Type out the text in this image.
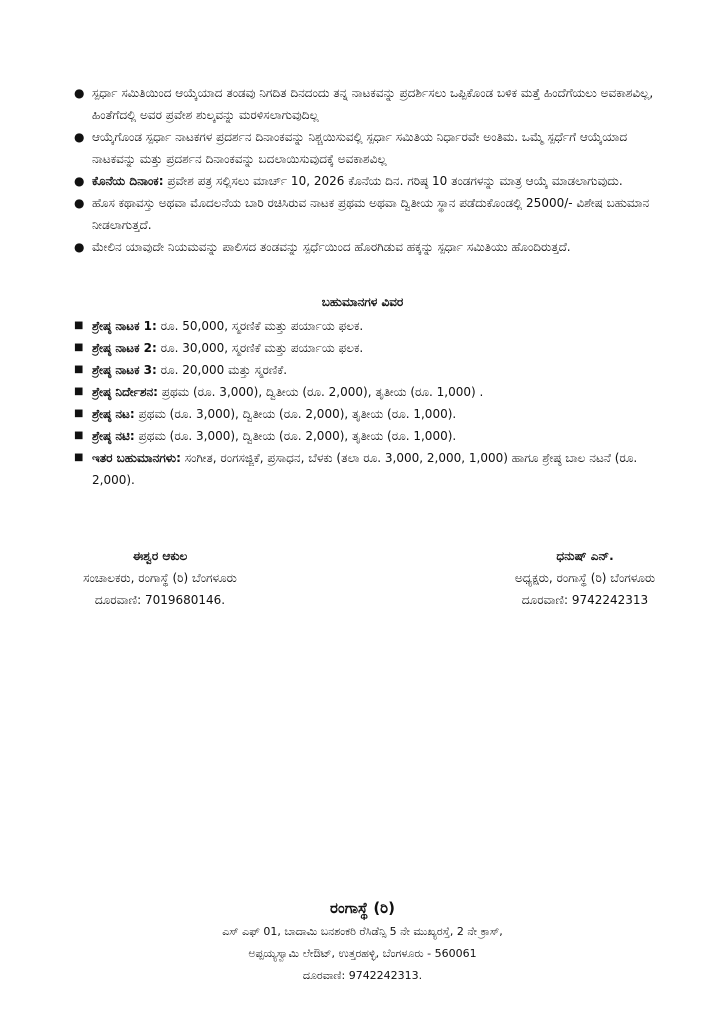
● ಸ್ಪರ್ಧಾ ಸಮಿತಿಯಿಂದ ಆಯ್ಕೆಯಾದ ತಂಡವು ನಿಗದಿತ ದಿನದಂದು ತನ್ನ ನಾಟಕವನ್ನು ಪ್ರದರ್ಶಿಸಲು ಒಪ್ಪಿಕೊಂಡ ಬಳಿಕ ಮತ್ತೆ ಹಿಂದೆಗೆಯಲು ಅವಕಾಶವಿಲ್ಲ, ಹಿಂತೆಗೆದಲ್ಲಿ ಅವರ ಪ್ರವೇಶ ಶುಲ್ಕವನ್ನು ಮರಳಿಸಲಾಗುವುದಿಲ್ಲ
● ಆಯ್ಕೆಗೊಂಡ ಸ್ಪರ್ಧಾ ನಾಟಕಗಳ ಪ್ರದರ್ಶನ ದಿನಾಂಕವನ್ನು ನಿಶ್ಚಯಿಸುವಲ್ಲಿ ಸ್ಪರ್ಧಾ ಸಮಿತಿಯ ನಿರ್ಧಾರವೇ ಅಂತಿಮ. ಒಮ್ಮೆ ಸ್ಪರ್ಧೆಗೆ ಆಯ್ಕೆಯಾದ ನಾಟಕವನ್ನು ಮತ್ತು ಪ್ರದರ್ಶನ ದಿನಾಂಕವನ್ನು ಬದಲಾಯಿಸುವುದಕ್ಕೆ ಅವಕಾಶವಿಲ್ಲ
● ಕೊನೆಯ ದಿನಾಂಕ: ಪ್ರವೇಶ ಪತ್ರ ಸಲ್ಲಿಸಲು ಮಾರ್ಚ್ 10, 2026 ಕೊನೆಯ ದಿನ. ಗರಿಷ್ಠ 10 ತಂಡಗಳನ್ನು ಮಾತ್ರ ಆಯ್ಕೆ ಮಾಡಲಾಗುವುದು.
● ಹೊಸ ಕಥಾವಸ್ತು ಅಥವಾ ಮೊದಲನೆಯ ಬಾರಿ ರಚಿಸಿರುವ ನಾಟಕ ಪ್ರಥಮ ಅಥವಾ ದ್ವಿತೀಯ ಸ್ಥಾನ ಪಡೆದುಕೊಂಡಲ್ಲಿ 25000/- ವಿಶೇಷ ಬಹುಮಾನ ನೀಡಲಾಗುತ್ತದೆ.
● ಮೇಲಿನ ಯಾವುದೇ ನಿಯಮವನ್ನು ಪಾಲಿಸದ ತಂಡವನ್ನು ಸ್ಪರ್ಧೆಯಿಂದ ಹೊರಗಿಡುವ ಹಕ್ಕನ್ನು ಸ್ಪರ್ಧಾ ಸಮಿತಿಯು ಹೊಂದಿರುತ್ತದೆ.
ಬಹುಮಾನಗಳ ವಿವರ
■ ಶ್ರೇಷ್ಠ ನಾಟಕ 1: ರೂ. 50,000, ಸ್ಮರಣಿಕೆ ಮತ್ತು ಪರ್ಯಾಯ ಫಲಕ.
■ ಶ್ರೇಷ್ಠ ನಾಟಕ 2: ರೂ. 30,000, ಸ್ಮರಣಿಕೆ ಮತ್ತು ಪರ್ಯಾಯ ಫಲಕ.
■ ಶ್ರೇಷ್ಠ ನಾಟಕ 3: ರೂ. 20,000 ಮತ್ತು ಸ್ಮರಣಿಕೆ.
■ ಶ್ರೇಷ್ಠ ನಿರ್ದೇಶನ: ಪ್ರಥಮ (ರೂ. 3,000), ದ್ವಿತೀಯ (ರೂ. 2,000), ತೃತೀಯ (ರೂ. 1,000) .
■ ಶ್ರೇಷ್ಠ ನಟ: ಪ್ರಥಮ (ರೂ. 3,000), ದ್ವಿತೀಯ (ರೂ. 2,000), ತೃತೀಯ (ರೂ. 1,000).
■ ಶ್ರೇಷ್ಠ ನಟಿ: ಪ್ರಥಮ (ರೂ. 3,000), ದ್ವಿತೀಯ (ರೂ. 2,000), ತೃತೀಯ (ರೂ. 1,000).
■ ಇತರ ಬಹುಮಾನಗಳು: ಸಂಗೀತ, ರಂಗಸಜ್ಜಿಕೆ, ಪ್ರಸಾಧನ, ಬೆಳಕು (ತಲಾ ರೂ. 3,000, 2,000, 1,000) ಹಾಗೂ ಶ್ರೇಷ್ಠ ಬಾಲ ನಟನೆ (ರೂ. 2,000).
ಈಶ್ವರ ಆಕುಲ
ಸಂಚಾಲಕರು, ರಂಗಾಸ್ಥೆ (ರಿ) ಬೆಂಗಳೂರು
ದೂರವಾಣಿ: 7019680146.
ಧನುಷ್ ಎನ್.
ಅಧ್ಯಕ್ಷರು, ರಂಗಾಸ್ಥೆ (ರಿ) ಬೆಂಗಳೂರು
ದೂರವಾಣಿ: 9742242313
ರಂಗಾಸ್ಥೆ (ರಿ)
ಎಸ್ ಎಫ್ 01, ಬಾದಾಮಿ ಬನಶಂಕರಿ ರೆಸಿಡೆನ್ಸಿ 5 ನೇ ಮುಖ್ಯರಸ್ತೆ, 2 ನೇ ಕ್ರಾಸ್,
ಅಪ್ಪಯ್ಯಸ್ವಾಮಿ ಲೇಔಟ್, ಉತ್ತರಹಳ್ಳಿ, ಬೆಂಗಳೂರು - 560061
ದೂರವಾಣಿ: 9742242313.
